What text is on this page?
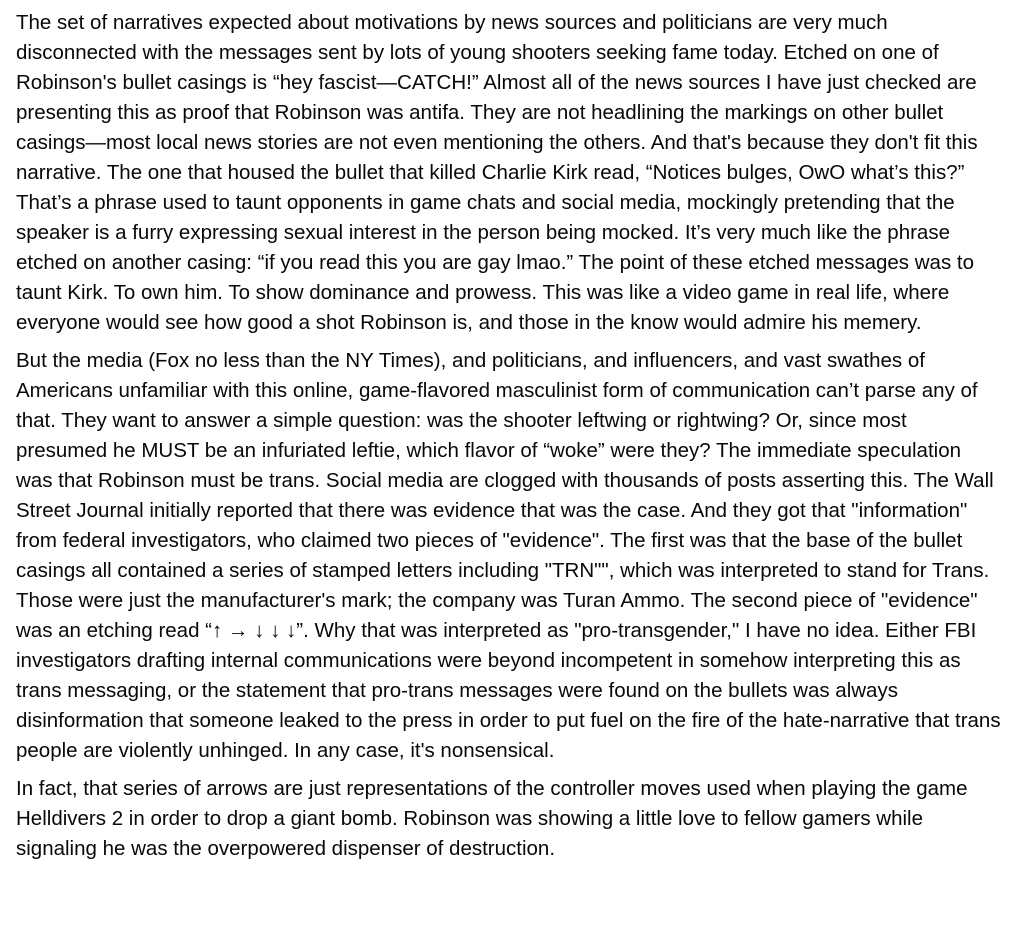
The set of narratives expected about motivations by news sources and politicians are very much disconnected with the messages sent by lots of young shooters seeking fame today. Etched on one of Robinson's bullet casings is “hey fascist—CATCH!” Almost all of the news sources I have just checked are presenting this as proof that Robinson was antifa. They are not headlining the markings on other bullet casings—most local news stories are not even mentioning the others. And that's because they don't fit this narrative. The one that housed the bullet that killed Charlie Kirk read, “Notices bulges, OwO what’s this?” That’s a phrase used to taunt opponents in game chats and social media, mockingly pretending that the speaker is a furry expressing sexual interest in the person being mocked. It’s very much like the phrase etched on another casing: “if you read this you are gay lmao.” The point of these etched messages was to taunt Kirk. To own him. To show dominance and prowess. This was like a video game in real life, where everyone would see how good a shot Robinson is, and those in the know would admire his memery.

But the media (Fox no less than the NY Times), and politicians, and influencers, and vast swathes of Americans unfamiliar with this online, game-flavored masculinist form of communication can’t parse any of that. They want to answer a simple question: was the shooter leftwing or rightwing? Or, since most presumed he MUST be an infuriated leftie, which flavor of “woke” were they? The immediate speculation was that Robinson must be trans. Social media are clogged with thousands of posts asserting this. The Wall Street Journal initially reported that there was evidence that was the case. And they got that "information" from federal investigators, who claimed two pieces of "evidence". The first was that the base of the bullet casings all contained a series of stamped letters including "TRN"", which was interpreted to stand for Trans. Those were just the manufacturer's mark; the company was Turan Ammo. The second piece of "evidence" was an etching read “↑ → ↓ ↓ ↓”. Why that was interpreted as "pro-transgender," I have no idea. Either FBI investigators drafting internal communications were beyond incompetent in somehow interpreting this as trans messaging, or the statement that pro-trans messages were found on the bullets was always disinformation that someone leaked to the press in order to put fuel on the fire of the hate-narrative that trans people are violently unhinged. In any case, it's nonsensical.

In fact, that series of arrows are just representations of the controller moves used when playing the game Helldivers 2 in order to drop a giant bomb. Robinson was showing a little love to fellow gamers while signaling he was the overpowered dispenser of destruction.
